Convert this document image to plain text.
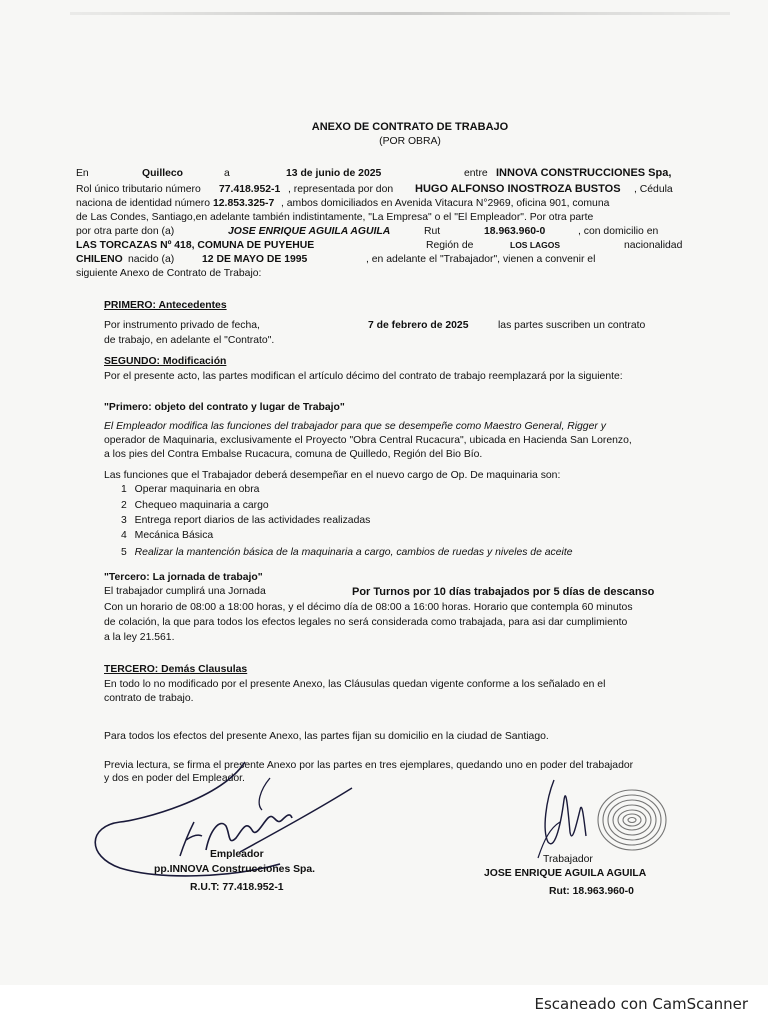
ANEXO DE CONTRATO DE TRABAJO
(POR OBRA)
En	Quilleco	a	13 de junio de 2025	entre INNOVA CONSTRUCCIONES Spa,
Rol único tributario número 77.418.952-1 , representada por don HUGO ALFONSO INOSTROZA BUSTOS , Cédula
naciona de identidad número 12.853.325-7 , ambos domiciliados en Avenida Vitacura N°2969, oficina 901, comuna
de Las Condes, Santiago,en adelante también indistintamente, "La Empresa" o el "El Empleador". Por otra parte
por otra parte don (a)	JOSE ENRIQUE AGUILA AGUILA	Rut	18.963.960-0	, con domicilio en
LAS TORCAZAS Nº 418, COMUNA DE PUYEHUE	Región de	LOS LAGOS	nacionalidad
CHILENO nacido (a)	12 DE MAYO DE 1995	, en adelante el "Trabajador", vienen a convenir el
siguiente Anexo de Contrato de Trabajo:
PRIMERO: Antecedentes
Por instrumento privado de fecha,	7 de febrero de 2025	las partes suscriben un contrato
de trabajo, en adelante el "Contrato".
SEGUNDO: Modificación
Por el presente acto, las partes modifican el artículo décimo del contrato de trabajo reemplazará por la siguiente:
"Primero: objeto del contrato y lugar de Trabajo"
El Empleador modifica las funciones del trabajador para que se desempeñe como Maestro General, Rigger y
operador de Maquinaria, exclusivamente el Proyecto "Obra Central Rucacura", ubicada en Hacienda San Lorenzo,
a los pies del Contra Embalse Rucacura, comuna de Quilledo, Región del Bio Bío.
Las funciones que el Trabajador deberá desempeñar en el nuevo cargo de Op. De maquinaria son:
1 Operar maquinaria en obra
2 Chequeo maquinaria a cargo
3 Entrega report diarios de las actividades realizadas
4 Mecánica Básica
5 Realizar la mantención básica de la maquinaria a cargo, cambios de ruedas y niveles de aceite
"Tercero: La jornada de trabajo"
El trabajador cumplirá una Jornada	Por Turnos por 10 días trabajados por 5 días de descanso
Con un horario de 08:00 a 18:00 horas, y el décimo día de 08:00 a 16:00 horas. Horario que contempla 60 minutos
de colación, la que para todos los efectos legales no será considerada como trabajada, para asi dar cumplimiento
a la ley 21.561.
TERCERO: Demás Clausulas
En todo lo no modificado por el presente Anexo, las Cláusulas quedan vigente conforme a los señalado en el
contrato de trabajo.
Para todos los efectos del presente Anexo, las partes fijan su domicilio en la ciudad de Santiago.
Previa lectura, se firma el presente Anexo por las partes en tres ejemplares, quedando uno en poder del trabajador
y dos en poder del Empleador.
Empleador
pp.INNOVA Construcciones Spa.
R.U.T: 77.418.952-1
Trabajador
JOSE ENRIQUE AGUILA AGUILA
Rut: 18.963.960-0
Escaneado con CamScanner
